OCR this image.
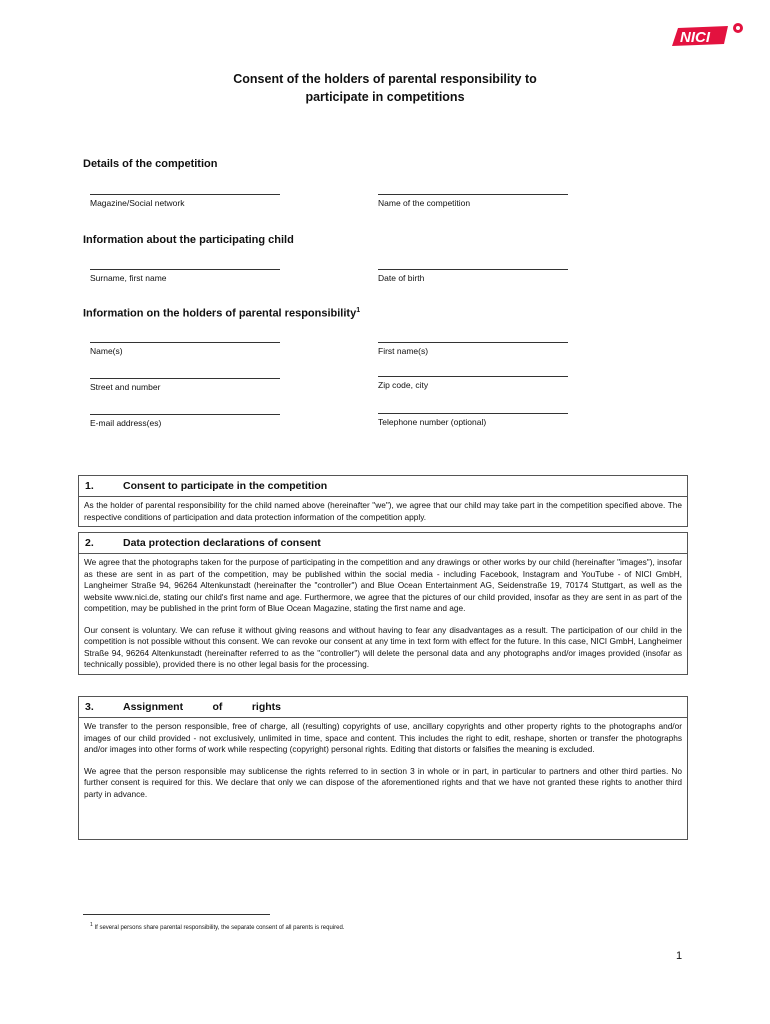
NICI
Consent of the holders of parental responsibility to
participate in competitions
Details of the competition
Magazine/Social network	Name of the competition
Information about the participating child
Surname, first name	Date of birth
Information on the holders of parental responsibility$^1$
Name(s)	First name(s)
Street and number	Zip code, city
E-mail address(es)	Telephone number (optional)
1.	Consent to participate in the competition

As the holder of parental responsibility for the child named above (hereinafter "we"), we agree that our child may take part in the competition specified above. The respective conditions of participation and data protection information of the competition apply.

2.	Data protection declarations of consent

We agree that the photographs taken for the purpose of participating in the competition and any drawings or other works by our child (hereinafter "images"), insofar as these are sent in as part of the competition, may be published within the social media - including Facebook, Instagram and YouTube - of NICI GmbH, Langheimer Straße 94, 96264 Altenkunstadt (hereinafter the "controller") and Blue Ocean Entertainment AG, Seidenstraße 19, 70174 Stuttgart, as well as the website www.nici.de, stating our child's first name and age. Furthermore, we agree that the pictures of our child provided, insofar as they are sent in as part of the competition, may be published in the print form of Blue Ocean Magazine, stating the first name and age.

Our consent is voluntary. We can refuse it without giving reasons and without having to fear any disadvantages as a result. The participation of our child in the competition is not possible without this consent. We can revoke our consent at any time in text form with effect for the future. In this case, NICI GmbH, Langheimer Straße 94, 96264 Altenkunstadt (hereinafter referred to as the "controller") will delete the personal data and any photographs and/or images provided (insofar as technically possible), provided there is no other legal basis for the processing.

3.	Assignment	of	rights

We transfer to the person responsible, free of charge, all (resulting) copyrights of use, ancillary copyrights and other property rights to the photographs and/or images of our child provided - not exclusively, unlimited in time, space and content. This includes the right to edit, reshape, shorten or transfer the photographs and/or images into other forms of work while respecting (copyright) personal rights. Editing that distorts or falsifies the meaning is excluded.

We agree that the person responsible may sublicense the rights referred to in section 3 in whole or in part, in particular to partners and other third parties. No further consent is required for this. We declare that only we can dispose of the aforementioned rights and that we have not granted these rights to another third party in advance.

$^1$ If several persons share parental responsibility, the separate consent of all parents is required.
1
